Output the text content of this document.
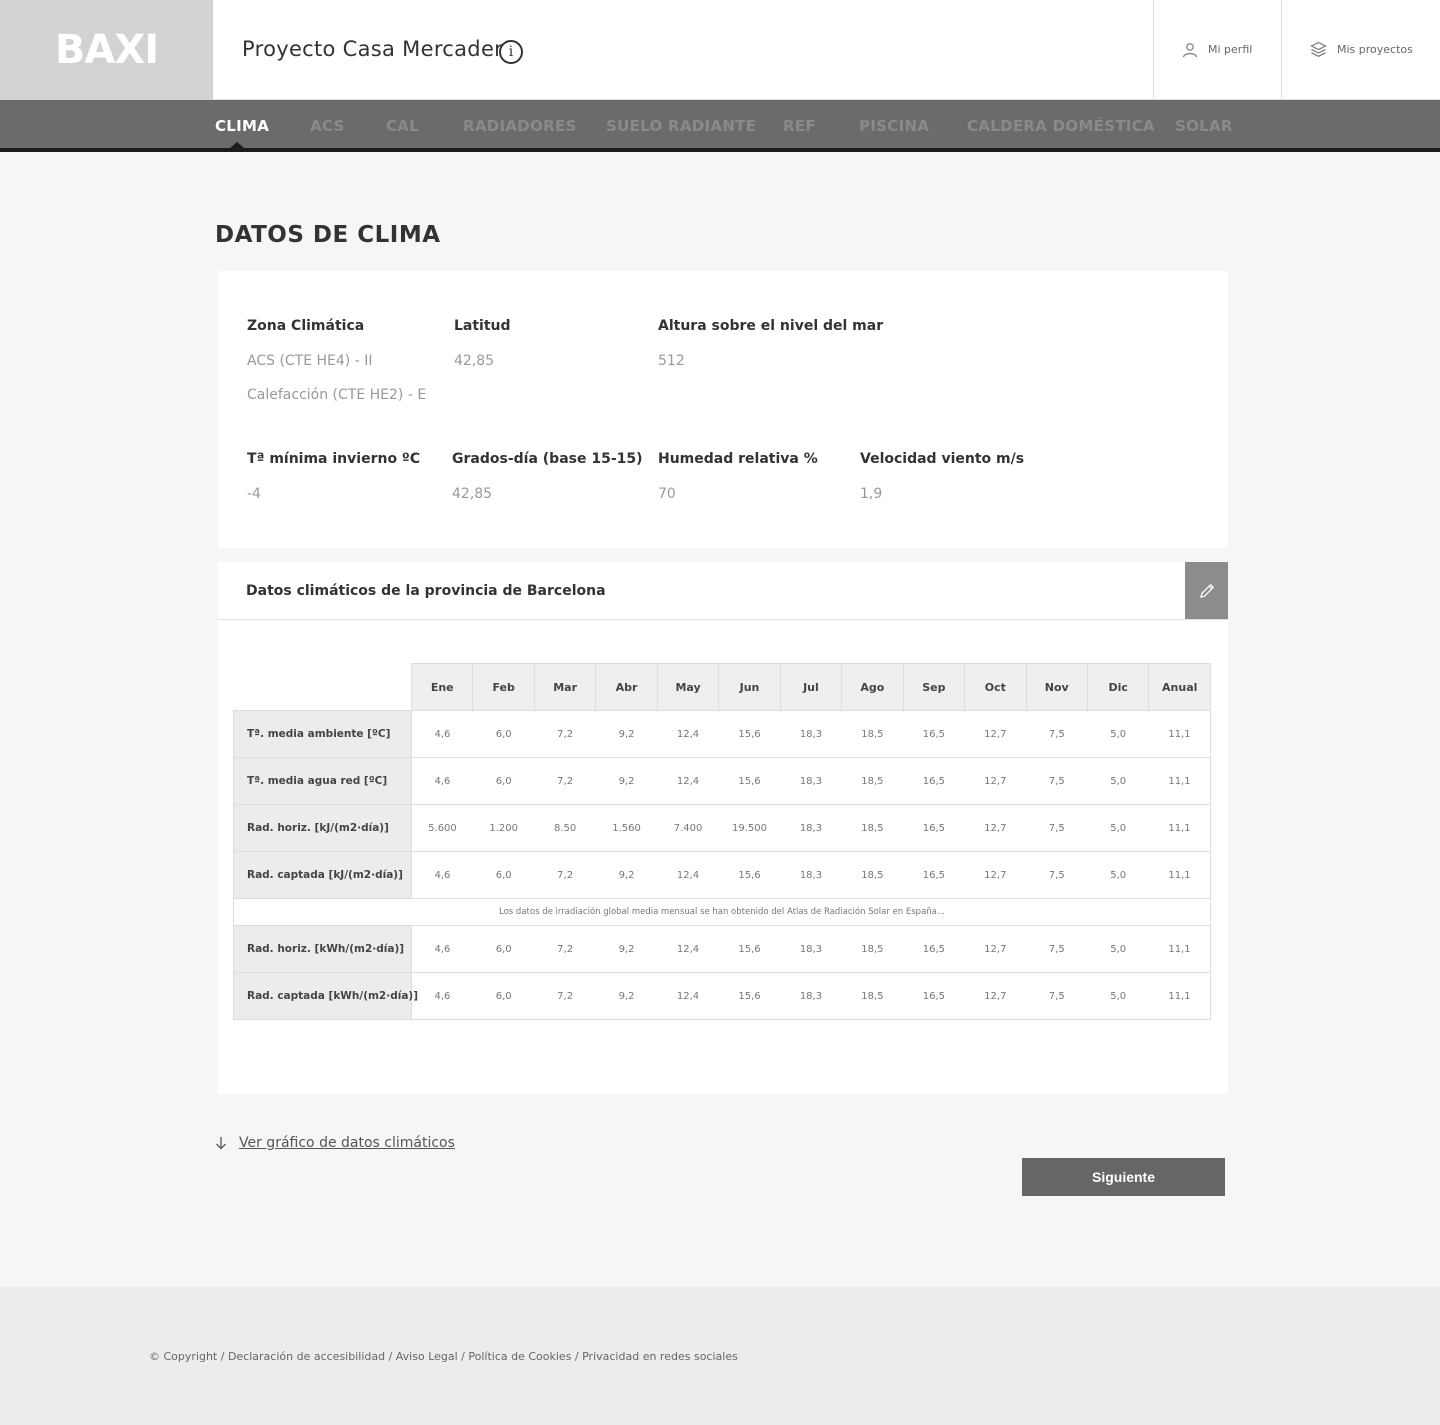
BAXI	Proyecto Casa Mercader i	Mi perfil	Mis proyectos
CLIMA	ACS	CAL	RADIADORES SUELO RADIANTE REF	PISCINA	CALDERA DOMÉSTICA SOLAR
DATOS DE CLIMA
Zona Climática
ACS (CTE HE4) - II
Calefacción (CTE HE2) - E
Latitud
42,85
Altura sobre el nivel del mar
512
Tª mínima invierno ºC
-4
Grados-día (base 15-15)
42,85
Humedad relativa %
70
Velocidad viento m/s
1,9
Datos climáticos de la provincia de Barcelona
	Ene	Feb	Mar	Abr	May	Jun	Jul	Ago	Sep	Oct	Nov	Dic	Anual
Tª. media ambiente [ºC]	4,6	6,0	7,2	9,2	12,4	15,6	18,3	18,5	16,5	12,7	7,5	5,0	11,1
Tª. media agua red [ºC]	4,6	6,0	7,2	9,2	12,4	15,6	18,3	18,5	16,5	12,7	7,5	5,0	11,1
Rad. horiz. [kJ/(m2·día)]	5.600	1.200	8.50	1.560	7.400	19.500	18,3	18,5	16,5	12,7	7,5	5,0	11,1
Rad. captada [kJ/(m2·día)]	4,6	6,0	7,2	9,2	12,4	15,6	18,3	18,5	16,5	12,7	7,5	5,0	11,1
Los datos de irradiación global media mensual se han obtenido del Atlas de Radiación Solar en España...													
Rad. horiz. [kWh/(m2·día)]	4,6	6,0	7,2	9,2	12,4	15,6	18,3	18,5	16,5	12,7	7,5	5,0	11,1
Rad. captada [kWh/(m2·día)]	4,6	6,0	7,2	9,2	12,4	15,6	18,3	18,5	16,5	12,7	7,5	5,0	11,1
Ver gráfico de datos climáticos
Siguiente
© Copyright / Declaración de accesibilidad / Aviso Legal / Política de Cookies / Privacidad en redes sociales
